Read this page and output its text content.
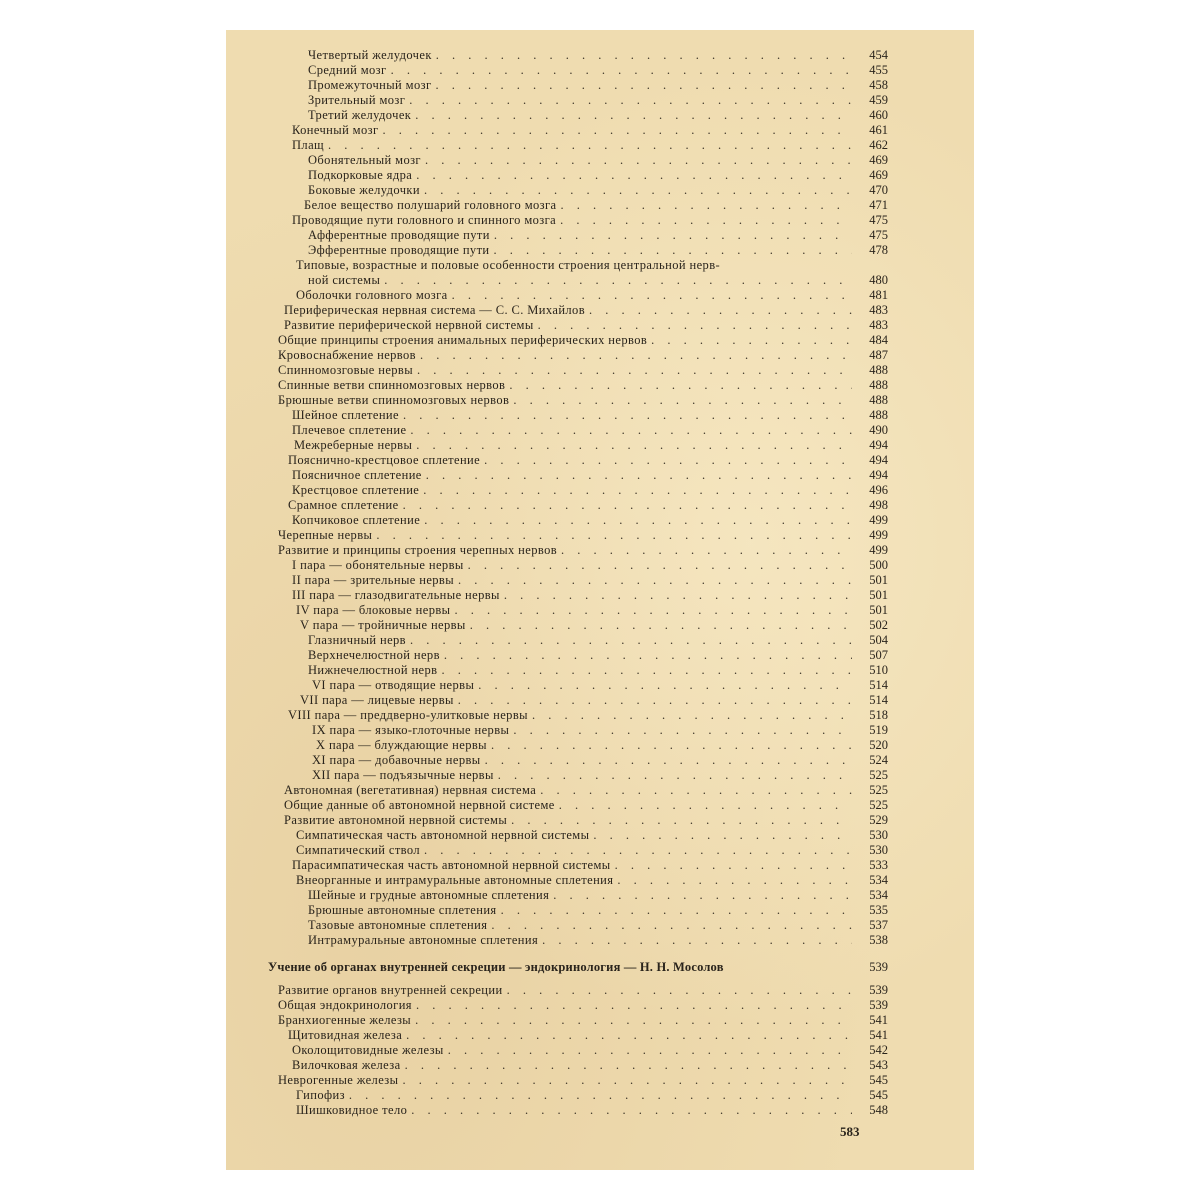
Четвертый желудочек . . .	454
Средний мозг . . .	455
Промежуточный мозг . . .	458
Зрительный мозг . . .	459
Третий желудочек . . .	460
Конечный мозг . . .	461
Плащ . . .	462
Обонятельный мозг . . .	469
Подкорковые ядра . . .	469
Боковые желудочки . . .	470
Белое вещество полушарий головного мозга . . .	471
Проводящие пути головного и спинного мозга . . .	475
Афферентные проводящие пути . . .	475
Эфферентные проводящие пути . . .	478
Типовые, возрастные и половые особенности строения центральной нерв-
ной системы . . .	480
Оболочки головного мозга . . .	481
Периферическая нервная система — С. С. Михайлов . . .	483
Развитие периферической нервной системы . . .	483
Общие принципы строения анимальных периферических нервов . . .	484
Кровоснабжение нервов . . .	487
Спинномозговые нервы . . .	488
Спинные ветви спинномозговых нервов . . .	488
Брюшные ветви спинномозговых нервов . . .	488
Шейное сплетение . . .	488
Плечевое сплетение . . .	490
Межреберные нервы . . .	494
Пояснично-крестцовое сплетение . . .	494
Поясничное сплетение . . .	494
Крестцовое сплетение . . .	496
Срамное сплетение . . .	498
Копчиковое сплетение . . .	499
Черепные нервы . . .	499
Развитие и принципы строения черепных нервов . . .	499
I пара — обонятельные нервы . . .	500
II пара — зрительные нервы . . .	501
III пара — глазодвигательные нервы . . .	501
IV пара — блоковые нервы . . .	501
V пара — тройничные нервы . . .	502
Глазничный нерв . . .	504
Верхнечелюстной нерв . . .	507
Нижнечелюстной нерв . . .	510
VI пара — отводящие нервы . . .	514
VII пара — лицевые нервы . . .	514
VIII пара — преддверно-улитковые нервы . . .	518
IX пара — языко-глоточные нервы . . .	519
X пара — блуждающие нервы . . .	520
XI пара — добавочные нервы . . .	524
XII пара — подъязычные нервы . . .	525
Автономная (вегетативная) нервная система . . .	525
Общие данные об автономной нервной системе . . .	525
Развитие автономной нервной системы . . .	529
Симпатическая часть автономной нервной системы . . .	530
Симпатический ствол . . .	530
Парасимпатическая часть автономной нервной системы . . .	533
Внеорганные и интрамуральные автономные сплетения . . .	534
Шейные и грудные автономные сплетения . . .	534
Брюшные автономные сплетения . . .	535
Тазовые автономные сплетения . . .	537
Интрамуральные автономные сплетения . . .	538
Учение об органах внутренней секреции — эндокринология — Н. Н. Мосолов	539
Развитие органов внутренней секреции . . .	539
Общая эндокринология . . .	539
Бранхиогенные железы . . .	541
Щитовидная железа . . .	541
Околощитовидные железы . . .	542
Вилочковая железа . . .	543
Неврогенные железы . . .	545
Гипофиз . . .	545
Шишковидное тело . . .	548
583
